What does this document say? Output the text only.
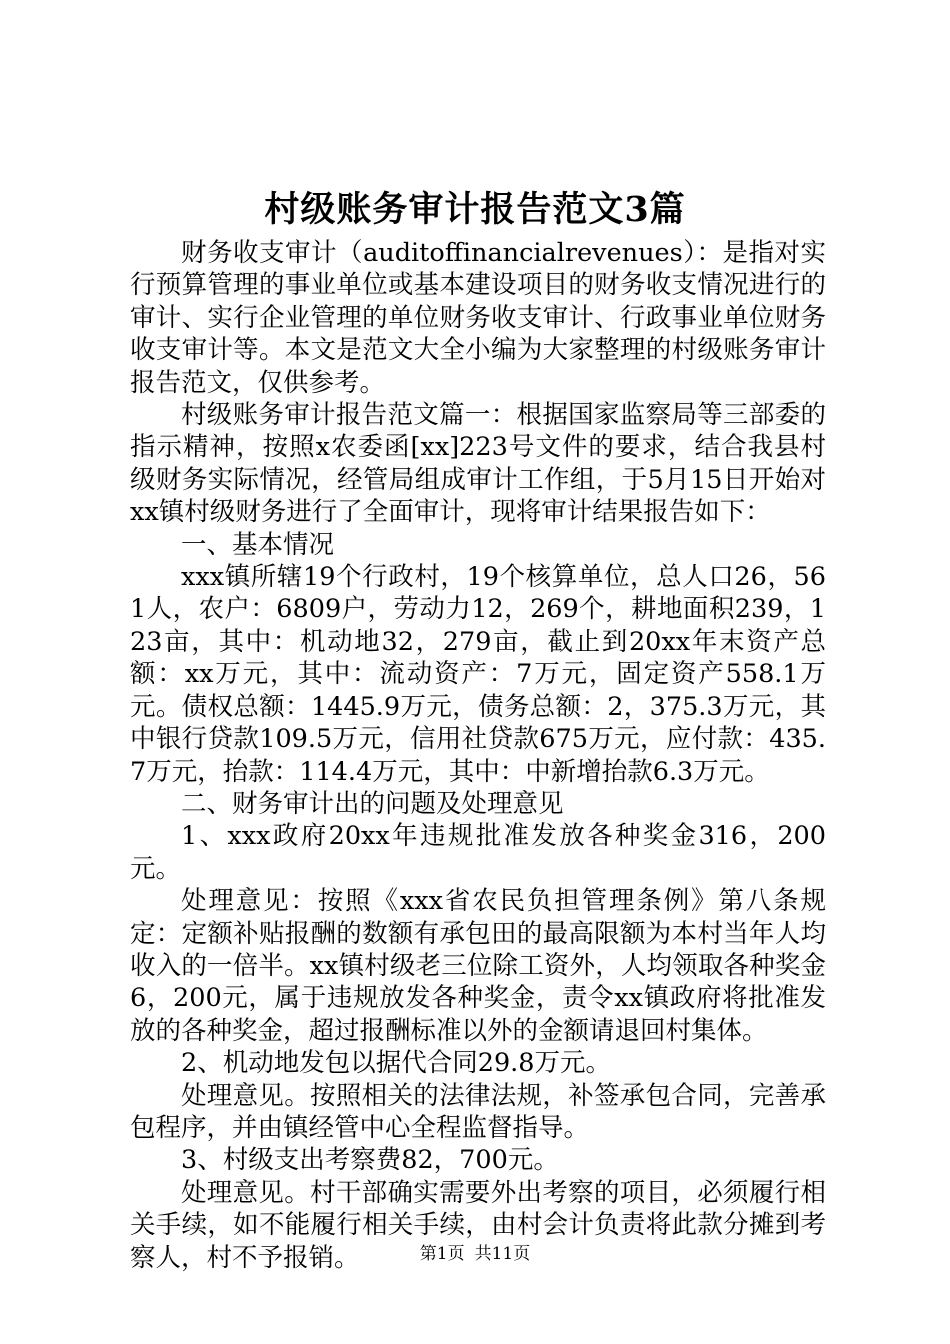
村级账务审计报告范文3篇

财务收支审计（auditoffinancialrevenues）：是指对实行预算管理的事业单位或基本建设项目的财务收支情况进行的审计、实行企业管理的单位财务收支审计、行政事业单位财务收支审计等。本文是范文大全小编为大家整理的村级账务审计报告范文，仅供参考。

村级账务审计报告范文篇一：根据国家监察局等三部委的指示精神，按照x农委函[xx]223号文件的要求，结合我县村级财务实际情况，经管局组成审计工作组，于5月15日开始对xx镇村级财务进行了全面审计，现将审计结果报告如下：

一、基本情况

xxx镇所辖19个行政村，19个核算单位，总人口26，561人，农户：6809户，劳动力12，269个，耕地面积239，123亩，其中：机动地32，279亩，截止到20xx年末资产总额：xx万元，其中：流动资产：7万元，固定资产558.1万元。债权总额：1445.9万元，债务总额：2，375.3万元，其中银行贷款109.5万元，信用社贷款675万元，应付款：435.7万元，抬款：114.4万元，其中：中新增抬款6.3万元。

二、财务审计出的问题及处理意见

1、xxx政府20xx年违规批准发放各种奖金316，200元。

处理意见：按照《xxx省农民负担管理条例》第八条规定：定额补贴报酬的数额有承包田的最高限额为本村当年人均收入的一倍半。xx镇村级老三位除工资外，人均领取各种奖金6，200元，属于违规放发各种奖金，责令xx镇政府将批准发放的各种奖金，超过报酬标准以外的金额请退回村集体。

2、机动地发包以据代合同29.8万元。

处理意见。按照相关的法律法规，补签承包合同，完善承包程序，并由镇经管中心全程监督指导。

3、村级支出考察费82，700元。

处理意见。村干部确实需要外出考察的项目，必须履行相关手续，如不能履行相关手续，由村会计负责将此款分摊到考察人，村不予报销。	第1页 共11页
